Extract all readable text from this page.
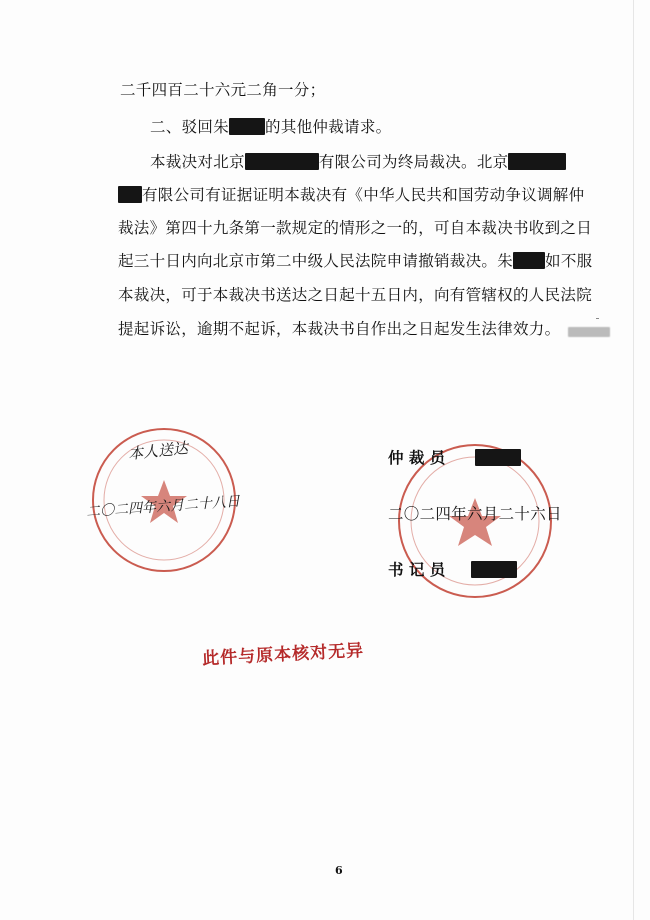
二千四百二十六元二角一分；
二、驳回朱 的其他仲裁请求。
本裁决对北京	有限公司为终局裁决。北京
有限公司有证据证明本裁决有《中华人民共和国劳动争议调解仲
裁法》第四十九条第一款规定的情形之一的，可自本裁决书收到之日
起三十日内向北京市第二中级人民法院申请撤销裁决。朱 如不服
本裁决，可于本裁决书送达之日起十五日内，向有管辖权的人民法院
提起诉讼，逾期不起诉，本裁决书自作出之日起发生法律效力。
本人送达
二〇二四年六月二十八日
仲 裁 员
二〇二四年六月二十六日
书 记 员
此件与原本核对无异
6
